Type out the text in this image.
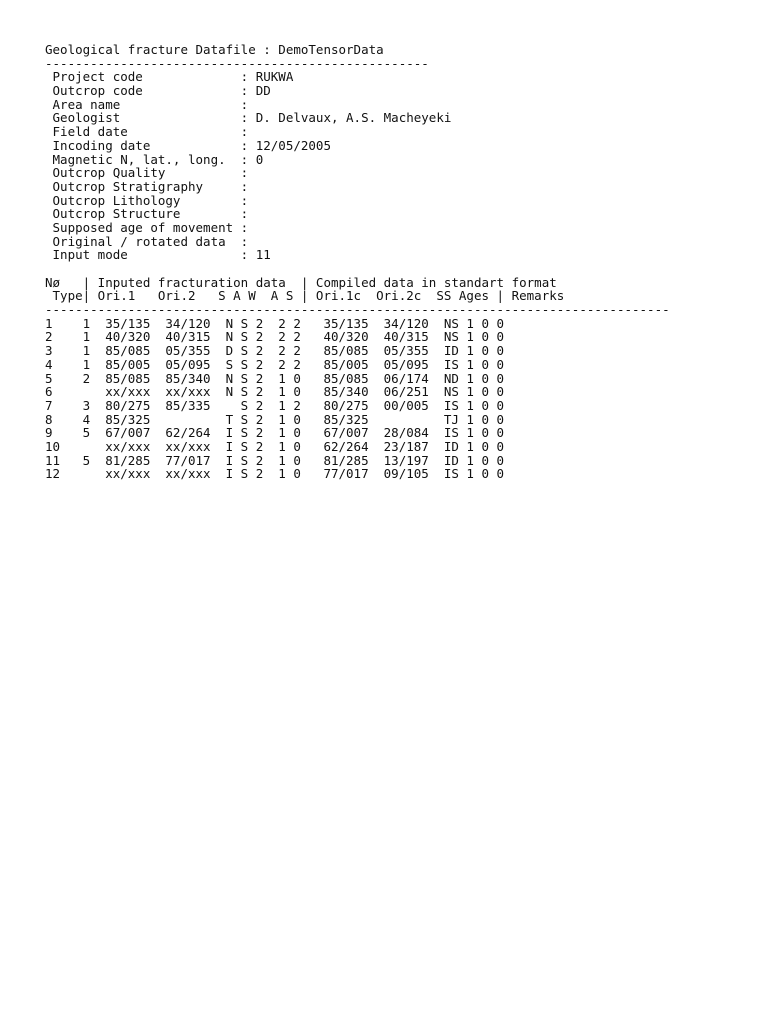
Geological fracture Datafile : DemoTensorData
---------------------------------------------------
Project code             : RUKWA
Outcrop code             : DD
Area name                :
Geologist                : D. Delvaux, A.S. Macheyeki
Field date               :
Incoding date            : 12/05/2005
Magnetic N, lat., long.  : 0
Outcrop Quality          :
Outcrop Stratigraphy     :
Outcrop Lithology        :
Outcrop Structure        :
Supposed age of movement :
Original / rotated data  :
Input mode               : 11
Nø   | Inputed fracturation data  | Compiled data in standart format
Type| Ori.1   Ori.2   S A W  A S | Ori.1c  Ori.2c  SS Ages | Remarks
-----------------------------------------------------------------------------------
1    1  35/135  34/120  N S 2  2 2   35/135  34/120  NS 1 0 0
2    1  40/320  40/315  N S 2  2 2   40/320  40/315  NS 1 0 0
3    1  85/085  05/355  D S 2  2 2   85/085  05/355  ID 1 0 0
4    1  85/005  05/095  S S 2  2 2   85/005  05/095  IS 1 0 0
5    2  85/085  85/340  N S 2  1 0   85/085  06/174  ND 1 0 0
6       xx/xxx  xx/xxx  N S 2  1 0   85/340  06/251  NS 1 0 0
7    3  80/275  85/335    S 2  1 2   80/275  00/005  IS 1 0 0
8    4  85/325          T S 2  1 0   85/325          TJ 1 0 0
9    5  67/007  62/264  I S 2  1 0   67/007  28/084  IS 1 0 0
10      xx/xxx  xx/xxx  I S 2  1 0   62/264  23/187  ID 1 0 0
11   5  81/285  77/017  I S 2  1 0   81/285  13/197  ID 1 0 0
12      xx/xxx  xx/xxx  I S 2  1 0   77/017  09/105  IS 1 0 0
